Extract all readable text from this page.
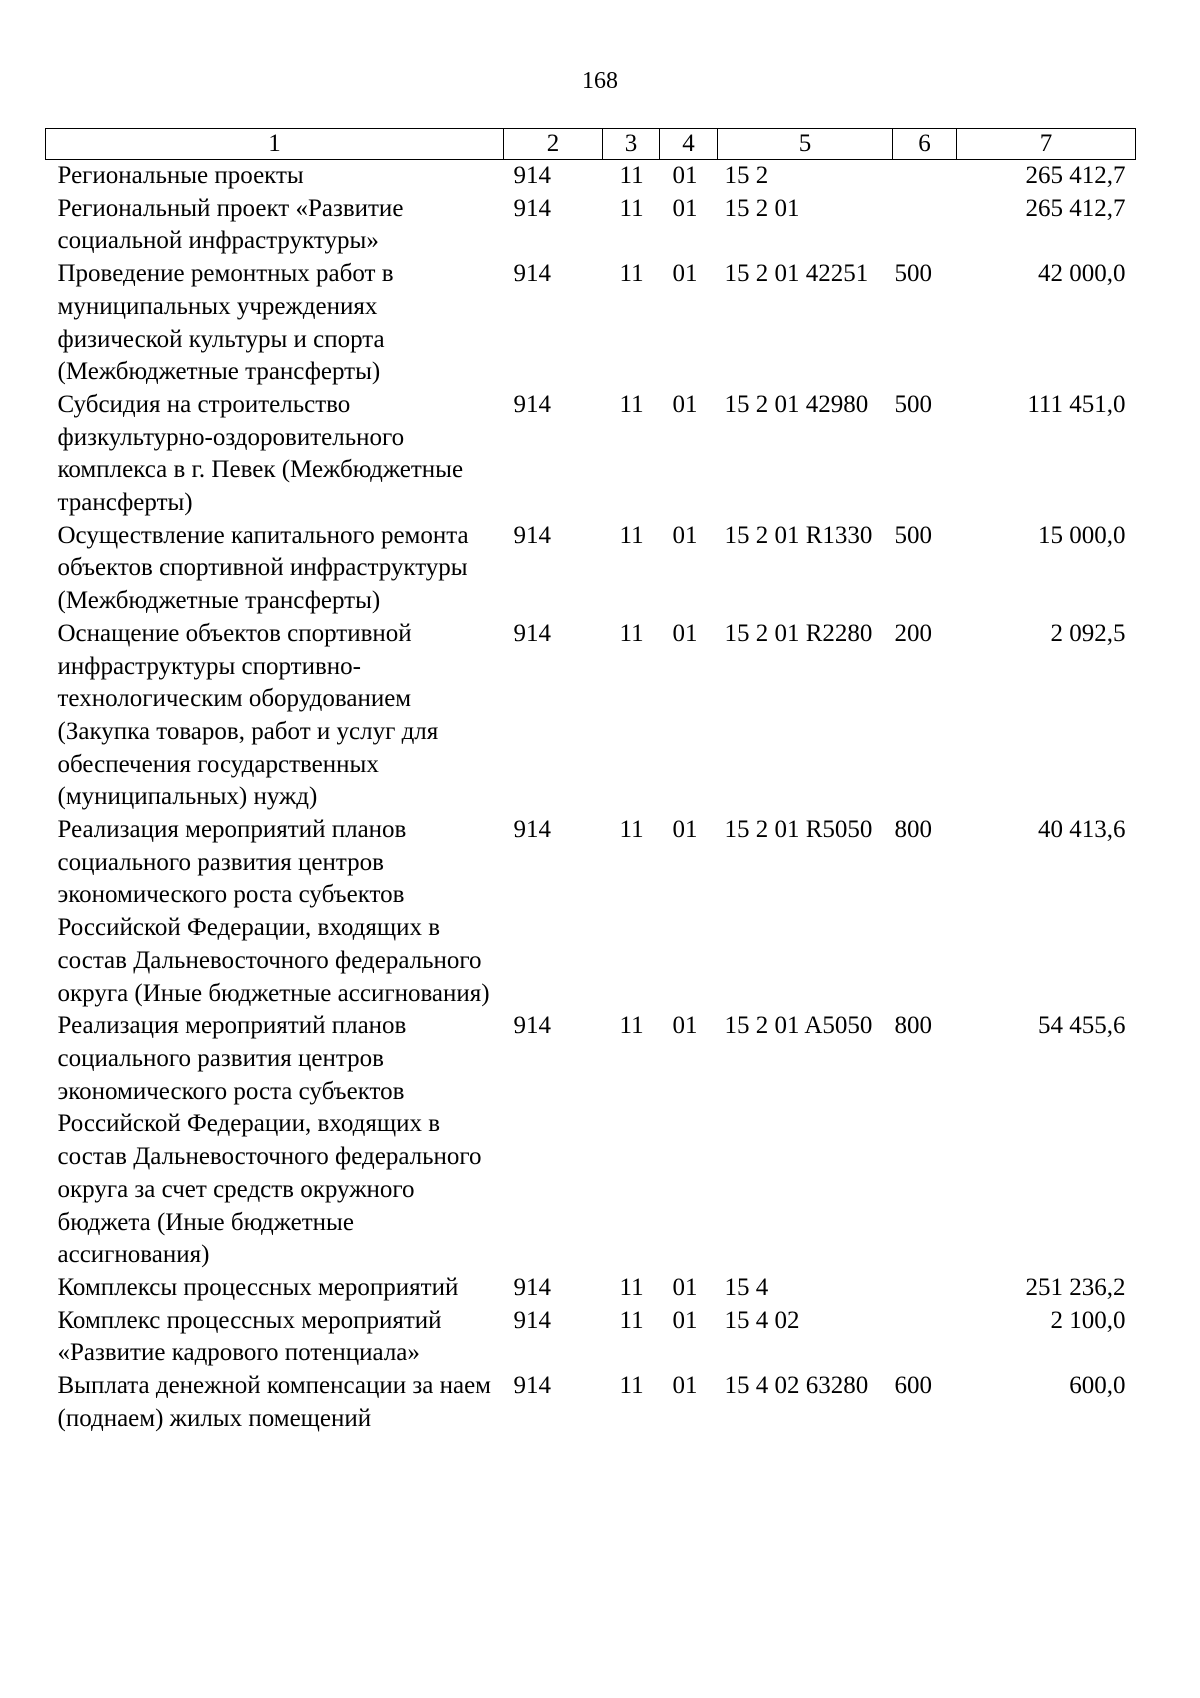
168
1	2	3	4	5	6	7
Региональные проекты	914	11	01	15 2		265 412,7
Региональный проект «Развитие социальной инфраструктуры»	914	11	01	15 2 01		265 412,7
Проведение ремонтных работ в муниципальных учреждениях физической культуры и спорта (Межбюджетные трансферты)	914	11	01	15 2 01 42251	500	42 000,0
Субсидия на строительство физкультурно-оздоровительного комплекса в г. Певек (Межбюджетные трансферты)	914	11	01	15 2 01 42980	500	111 451,0
Осуществление капитального ремонта объектов спортивной инфраструктуры (Межбюджетные трансферты)	914	11	01	15 2 01 R1330	500	15 000,0
Оснащение объектов спортивной инфраструктуры спортивно-технологическим оборудованием (Закупка товаров, работ и услуг для обеспечения государственных (муниципальных) нужд)	914	11	01	15 2 01 R2280	200	2 092,5
Реализация мероприятий планов социального развития центров экономического роста субъектов Российской Федерации, входящих в состав Дальневосточного федерального округа (Иные бюджетные ассигнования)	914	11	01	15 2 01 R5050	800	40 413,6
Реализация мероприятий планов социального развития центров экономического роста субъектов Российской Федерации, входящих в состав Дальневосточного федерального округа за счет средств окружного бюджета (Иные бюджетные ассигнования)	914	11	01	15 2 01 A5050	800	54 455,6
Комплексы процессных мероприятий	914	11	01	15 4		251 236,2
Комплекс процессных мероприятий «Развитие кадрового потенциала»	914	11	01	15 4 02		2 100,0
Выплата денежной компенсации за наем (поднаем) жилых помещений	914	11	01	15 4 02 63280	600	600,0
